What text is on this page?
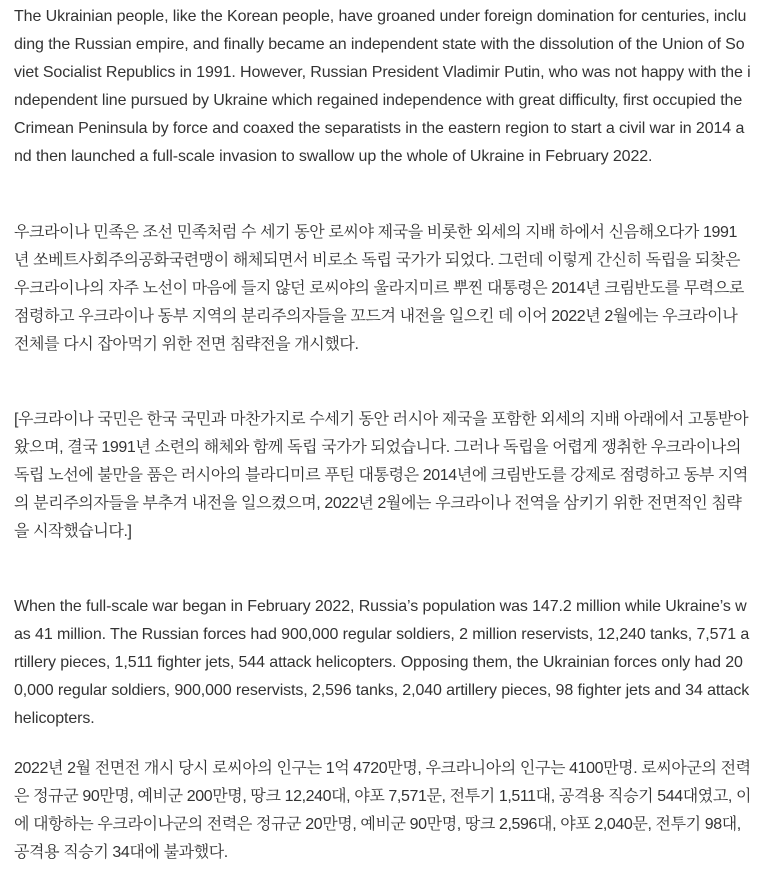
The Ukrainian people, like the Korean people, have groaned under foreign domination for centuries, including the Russian empire, and finally became an independent state with the dissolution of the Union of Soviet Socialist Republics in 1991. However, Russian President Vladimir Putin, who was not happy with the independent line pursued by Ukraine which regained independence with great difficulty, first occupied the Crimean Peninsula by force and coaxed the separatists in the eastern region to start a civil war in 2014 and then launched a full-scale invasion to swallow up the whole of Ukraine in February 2022.

우크라이나 민족은 조선 민족처럼 수 세기 동안 로씨야 제국을 비롯한 외세의 지배 하에서 신음해오다가 1991년 쏘베트사회주의공화국련맹이 해체되면서 비로소 독립 국가가 되었다. 그런데 이렇게 간신히 독립을 되찾은 우크라이나의 자주 노선이 마음에 들지 않던 로씨야의 울라지미르 뿌찐 대통령은 2014년 크림반도를 무력으로 점령하고 우크라이나 동부 지역의 분리주의자들을 꼬드겨 내전을 일으킨 데 이어 2022년 2월에는 우크라이나 전체를 다시 잡아먹기 위한 전면 침략전을 개시했다.

[우크라이나 국민은 한국 국민과 마찬가지로 수세기 동안 러시아 제국을 포함한 외세의 지배 아래에서 고통받아 왔으며, 결국 1991년 소련의 해체와 함께 독립 국가가 되었습니다. 그러나 독립을 어렵게 쟁취한 우크라이나의 독립 노선에 불만을 품은 러시아의 블라디미르 푸틴 대통령은 2014년에 크림반도를 강제로 점령하고 동부 지역의 분리주의자들을 부추겨 내전을 일으켰으며, 2022년 2월에는 우크라이나 전역을 삼키기 위한 전면적인 침략을 시작했습니다.]

When the full-scale war began in February 2022, Russia’s population was 147.2 million while Ukraine’s was 41 million. The Russian forces had 900,000 regular soldiers, 2 million reservists, 12,240 tanks, 7,571 artillery pieces, 1,511 fighter jets, 544 attack helicopters. Opposing them, the Ukrainian forces only had 200,000 regular soldiers, 900,000 reservists, 2,596 tanks, 2,040 artillery pieces, 98 fighter jets and 34 attack helicopters.

2022년 2월 전면전 개시 당시 로씨아의 인구는 1억 4720만명, 우크라니아의 인구는 4100만명. 로씨아군의 전력은 정규군 90만명, 예비군 200만명, 땅크 12,240대, 야포 7,571문, 전투기 1,511대, 공격용 직승기 544대였고, 이에 대항하는 우크라이나군의 전력은 정규군 20만명, 예비군 90만명, 땅크 2,596대, 야포 2,040문, 전투기 98대, 공격용 직승기 34대에 불과했다.
